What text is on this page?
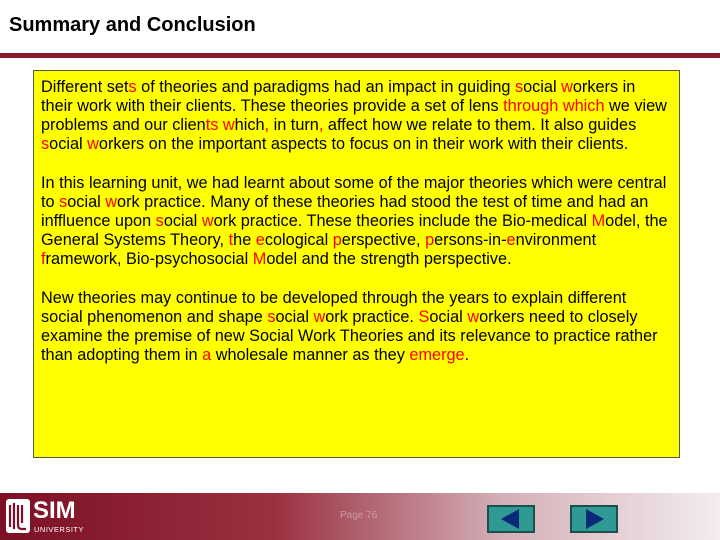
Summary and Conclusion

Different sets of theories and paradigms had an impact in guiding social workers in their work with their clients. These theories provide a set of lens through which we view problems and our clients which, in turn, affect how we relate to them. It also guides social workers on the important aspects to focus on in their work with their clients.

In this learning unit, we had learnt about some of the major theories which were central to social work practice. Many of these theories had stood the test of time and had an inffluence upon social work practice. These theories include the Bio-medical Model, the General Systems Theory, the ecological perspective, persons-in-environment framework, Bio-psychosocial Model and the strength perspective.

New theories may continue to be developed through the years to explain different social phenomenon and shape social work practice. Social workers need to closely examine the premise of new Social Work Theories and its relevance to practice rather than adopting them in a wholesale manner as they emerge.

SIM
UNIVERSITY
Page 76
